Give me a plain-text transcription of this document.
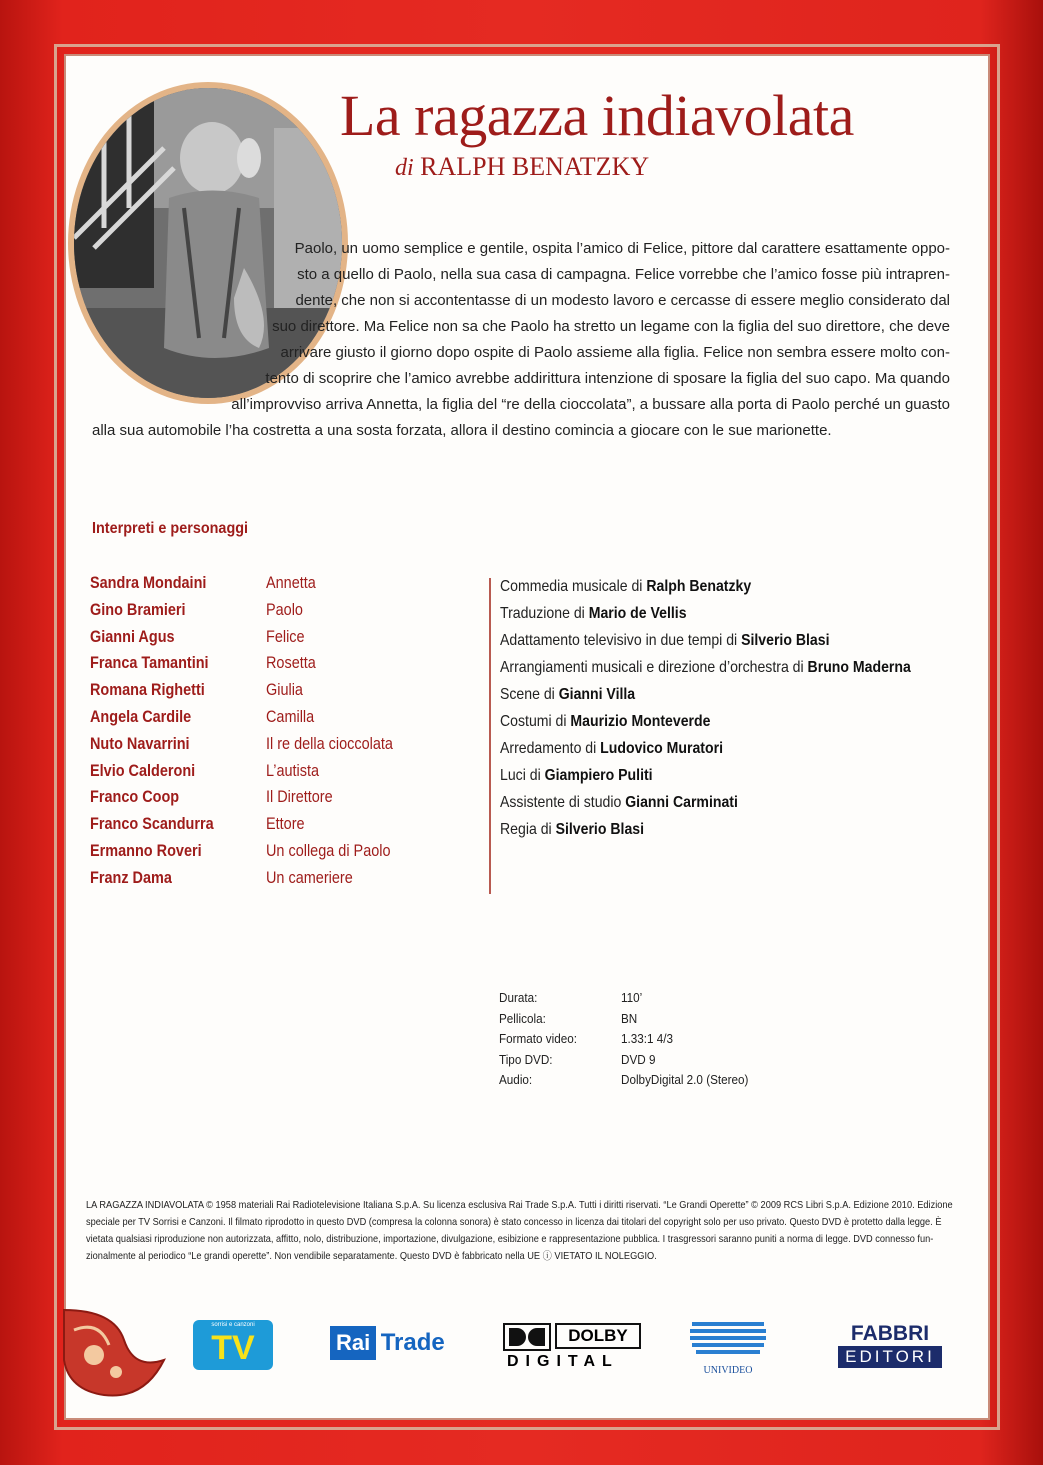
La ragazza indiavolata
di RALPH BENATZKY
Paolo, un uomo semplice e gentile, ospita l’amico di Felice, pittore dal carattere esattamente oppo-
sto a quello di Paolo, nella sua casa di campagna. Felice vorrebbe che l’amico fosse più intrapren-
dente, che non si accontentasse di un modesto lavoro e cercasse di essere meglio considerato dal
suo direttore. Ma Felice non sa che Paolo ha stretto un legame con la figlia del suo direttore, che deve
arrivare giusto il giorno dopo ospite di Paolo assieme alla figlia. Felice non sembra essere molto con-
tento di scoprire che l’amico avrebbe addirittura intenzione di sposare la figlia del suo capo. Ma quando
all’improvviso arriva Annetta, la figlia del “re della cioccolata”, a bussare alla porta di Paolo perché un guasto
alla sua automobile l’ha costretta a una sosta forzata, allora il destino comincia a giocare con le sue marionette.
Interpreti e personaggi
Sandra Mondaini	Annetta
Gino Bramieri	Paolo
Gianni Agus	Felice
Franca Tamantini	Rosetta
Romana Righetti	Giulia
Angela Cardile	Camilla
Nuto Navarrini	Il re della cioccolata
Elvio Calderoni	L’autista
Franco Coop	Il Direttore
Franco Scandurra	Ettore
Ermanno Roveri	Un collega di Paolo
Franz Dama	Un cameriere
Commedia musicale di Ralph Benatzky
Traduzione di Mario de Vellis
Adattamento televisivo in due tempi di Silverio Blasi
Arrangiamenti musicali e direzione d’orchestra di Bruno Maderna
Scene di Gianni Villa
Costumi di Maurizio Monteverde
Arredamento di Ludovico Muratori
Luci di Giampiero Puliti
Assistente di studio Gianni Carminati
Regia di Silverio Blasi
Durata:	110’
Pellicola:	BN
Formato video:	1.33:1 4/3
Tipo DVD:	DVD 9
Audio:	DolbyDigital 2.0 (Stereo)
LA RAGAZZA INDIAVOLATA © 1958 materiali Rai Radiotelevisione Italiana S.p.A. Su licenza esclusiva Rai Trade S.p.A. Tutti i diritti riservati. “Le Grandi Operette” © 2009 RCS Libri S.p.A. Edizione 2010. Edizione
speciale per TV Sorrisi e Canzoni. Il filmato riprodotto in questo DVD (compresa la colonna sonora) è stato concesso in licenza dai titolari del copyright solo per uso privato. Questo DVD è protetto dalla legge. È
vietata qualsiasi riproduzione non autorizzata, affitto, nolo, distribuzione, importazione, divulgazione, esibizione e rappresentazione pubblica. I trasgressori saranno puniti a norma di legge. DVD connesso fun-
zionalmente al periodico “Le grandi operette”. Non vendibile separatamente. Questo DVD è fabbricato nella UE ⓘ VIETATO IL NOLEGGIO.
sorrisi e canzoni
TV	Rai Trade	DOLBY
DIGITAL
UNIVIDEO
FABBRI
EDITORI
